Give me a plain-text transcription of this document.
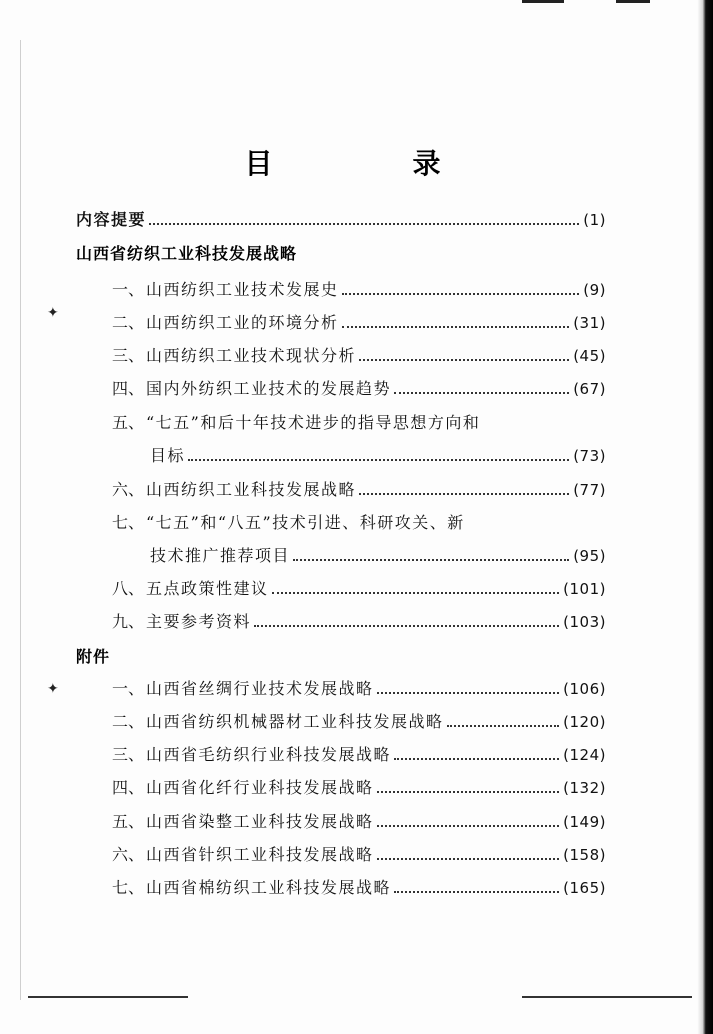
✦
✦
目　录
内容提要	(1)
山西省纺织工业科技发展战略
一、 山西纺织工业技术发展史	(9)
二、 山西纺织工业的环境分析	(31)
三、 山西纺织工业技术现状分析	(45)
四、 国内外纺织工业技术的发展趋势	(67)
五、 “七五”和后十年技术进步的指导思想方向和
目标	(73)
六、 山西纺织工业科技发展战略	(77)
七、 “七五”和“八五”技术引进、科研攻关、新
技术推广推荐项目	(95)
八、 五点政策性建议	(101)
九、 主要参考资料	(103)
附件
一、 山西省丝绸行业技术发展战略	(106)
二、 山西省纺织机械器材工业科技发展战略	(120)
三、 山西省毛纺织行业科技发展战略	(124)
四、 山西省化纤行业科技发展战略	(132)
五、 山西省染整工业科技发展战略	(149)
六、 山西省针织工业科技发展战略	(158)
七、 山西省棉纺织工业科技发展战略	(165)
